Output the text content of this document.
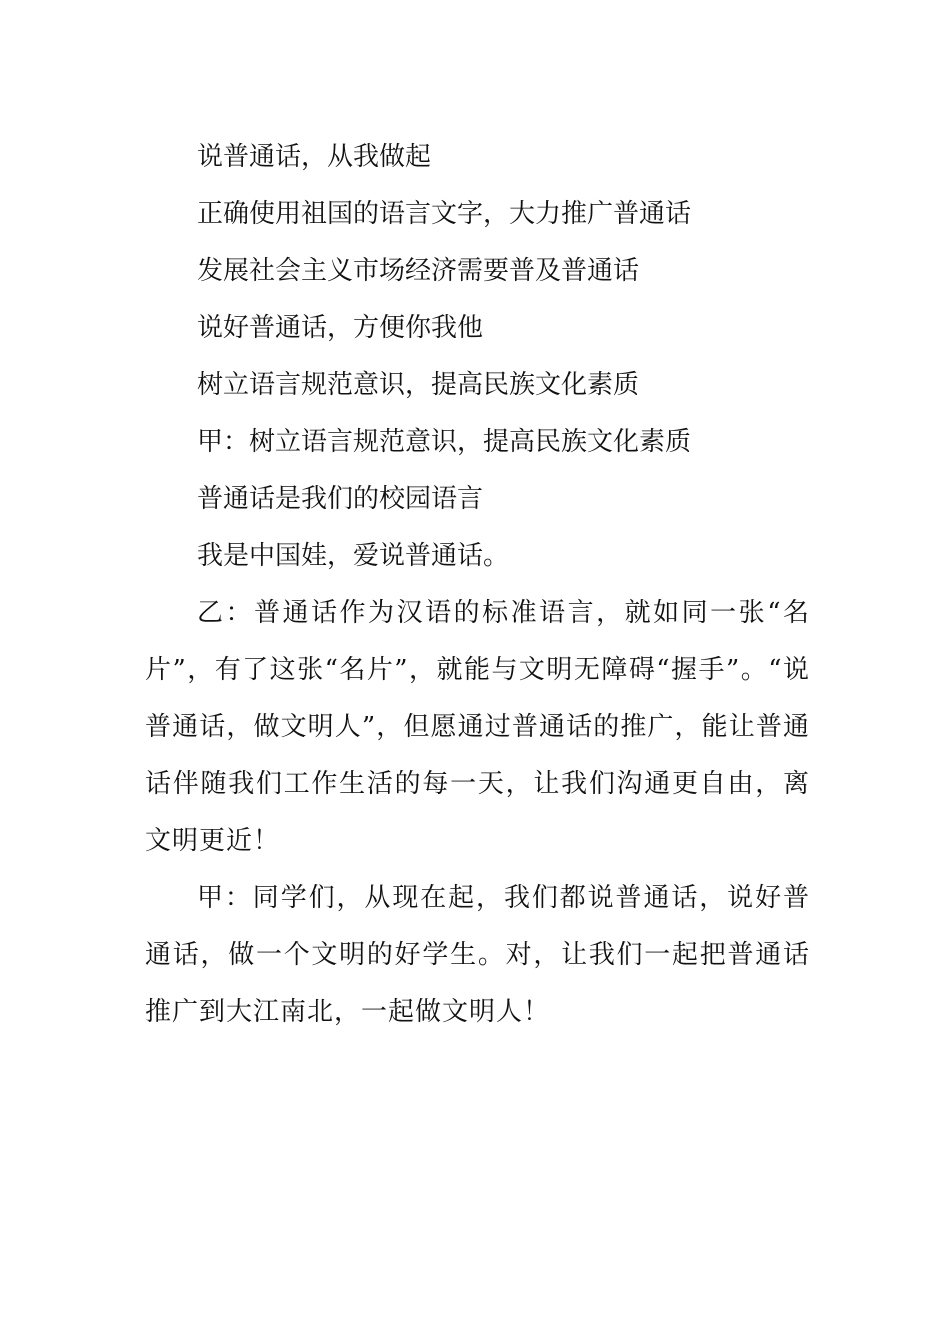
说普通话，从我做起

正确使用祖国的语言文字，大力推广普通话

发展社会主义市场经济需要普及普通话

说好普通话，方便你我他

树立语言规范意识，提高民族文化素质

甲：树立语言规范意识，提高民族文化素质

普通话是我们的校园语言

我是中国娃，爱说普通话。

乙：普通话作为汉语的标准语言，就如同一张“名片”，有了这张“名片”，就能与文明无障碍“握手”。“说普通话，做文明人”，但愿通过普通话的推广，能让普通话伴随我们工作生活的每一天，让我们沟通更自由，离文明更近！

甲：同学们，从现在起，我们都说普通话，说好普通话，做一个文明的好学生。对，让我们一起把普通话推广到大江南北，一起做文明人！
